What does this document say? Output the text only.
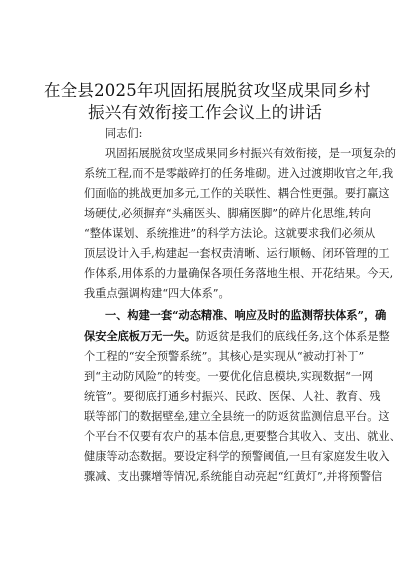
在全县2025年巩固拓展脱贫攻坚成果同乡村
振兴有效衔接工作会议上的讲话
同志们:
巩固拓展脱贫攻坚成果同乡村振兴有效衔接，是一项复杂的
系统工程,而不是零敲碎打的任务堆砌。进入过渡期收官之年,我
们面临的挑战更加多元,工作的关联性、耦合性更强。要打赢这
场硬仗,必须摒弃“头痛医头、脚痛医脚”的碎片化思维,转向
“整体谋划、系统推进”的科学方法论。这就要求我们必须从
顶层设计入手,构建起一套权责清晰、运行顺畅、闭环管理的工
作体系,用体系的力量确保各项任务落地生根、开花结果。今天,
我重点强调构建“四大体系”。
一、构建一套“动态精准、响应及时的监测帮扶体系”，确
保安全底板万无一失。防返贫是我们的底线任务,这个体系是整
个工程的“安全预警系统”。其核心是实现从“被动打补丁”
到“主动防风险”的转变。一要优化信息模块,实现数据“一网
统管”。要彻底打通乡村振兴、民政、医保、人社、教育、残
联等部门的数据壁垒,建立全县统一的防返贫监测信息平台。这
个平台不仅要有农户的基本信息,更要整合其收入、支出、就业、
健康等动态数据。要设定科学的预警阈值,一旦有家庭发生收入
骤减、支出骤增等情况,系统能自动亮起“红黄灯”,并将预警信
